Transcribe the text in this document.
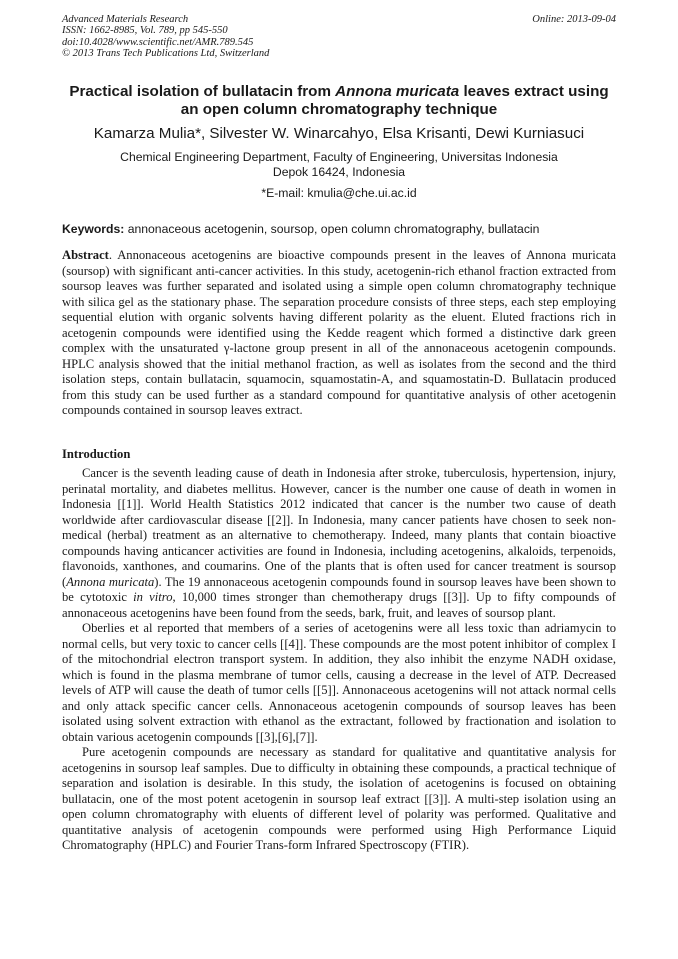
Advanced Materials Research
ISSN: 1662-8985, Vol. 789, pp 545-550
doi:10.4028/www.scientific.net/AMR.789.545
© 2013 Trans Tech Publications Ltd, Switzerland
Online: 2013-09-04
Practical isolation of bullatacin from Annona muricata leaves extract using an open column chromatography technique
Kamarza Mulia*, Silvester W. Winarcahyo, Elsa Krisanti, Dewi Kurniasuci
Chemical Engineering Department, Faculty of Engineering, Universitas Indonesia
Depok 16424, Indonesia
*E-mail: kmulia@che.ui.ac.id
Keywords: annonaceous acetogenin, soursop, open column chromatography, bullatacin
Abstract. Annonaceous acetogenins are bioactive compounds present in the leaves of Annona muricata (soursop) with significant anti-cancer activities. In this study, acetogenin-rich ethanol fraction extracted from soursop leaves was further separated and isolated using a simple open column chromatography technique with silica gel as the stationary phase. The separation procedure consists of three steps, each step employing sequential elution with organic solvents having different polarity as the eluent. Eluted fractions rich in acetogenin compounds were identified using the Kedde reagent which formed a distinctive dark green complex with the unsaturated γ-lactone group present in all of the annonaceous acetogenin compounds. HPLC analysis showed that the initial methanol fraction, as well as isolates from the second and the third isolation steps, contain bullatacin, squamocin, squamostatin-A, and squamostatin-D. Bullatacin produced from this study can be used further as a standard compound for quantitative analysis of other acetogenin compounds contained in soursop leaves extract.
Introduction

Cancer is the seventh leading cause of death in Indonesia after stroke, tuberculosis, hypertension, injury, perinatal mortality, and diabetes mellitus. However, cancer is the number one cause of death in women in Indonesia [[1]]. World Health Statistics 2012 indicated that cancer is the number two cause of death worldwide after cardiovascular disease [[2]]. In Indonesia, many cancer patients have chosen to seek non-medical (herbal) treatment as an alternative to chemotherapy. Indeed, many plants that contain bioactive compounds having anticancer activities are found in Indonesia, including acetogenins, alkaloids, terpenoids, flavonoids, xanthones, and coumarins. One of the plants that is often used for cancer treatment is soursop (Annona muricata). The 19 annonaceous acetogenin compounds found in soursop leaves have been shown to be cytotoxic in vitro, 10,000 times stronger than chemotherapy drugs [[3]]. Up to fifty compounds of annonaceous acetogenins have been found from the seeds, bark, fruit, and leaves of soursop plant.

Oberlies et al reported that members of a series of acetogenins were all less toxic than adriamycin to normal cells, but very toxic to cancer cells [[4]]. These compounds are the most potent inhibitor of complex I of the mitochondrial electron transport system. In addition, they also inhibit the enzyme NADH oxidase, which is found in the plasma membrane of tumor cells, causing a decrease in the level of ATP. Decreased levels of ATP will cause the death of tumor cells [[5]]. Annonaceous acetogenins will not attack normal cells and only attack specific cancer cells. Annonaceous acetogenin compounds of soursop leaves has been isolated using solvent extraction with ethanol as the extractant, followed by fractionation and isolation to obtain various acetogenin compounds [[3],[6],[7]].

Pure acetogenin compounds are necessary as standard for qualitative and quantitative analysis for acetogenins in soursop leaf samples. Due to difficulty in obtaining these compounds, a practical technique of separation and isolation is desirable. In this study, the isolation of acetogenins is focused on obtaining bullatacin, one of the most potent acetogenin in soursop leaf extract [[3]]. A multi-step isolation using an open column chromatography with eluents of different level of polarity was performed. Qualitative and quantitative analysis of acetogenin compounds were performed using High Performance Liquid Chromatography (HPLC) and Fourier Trans-form Infrared Spectroscopy (FTIR).
